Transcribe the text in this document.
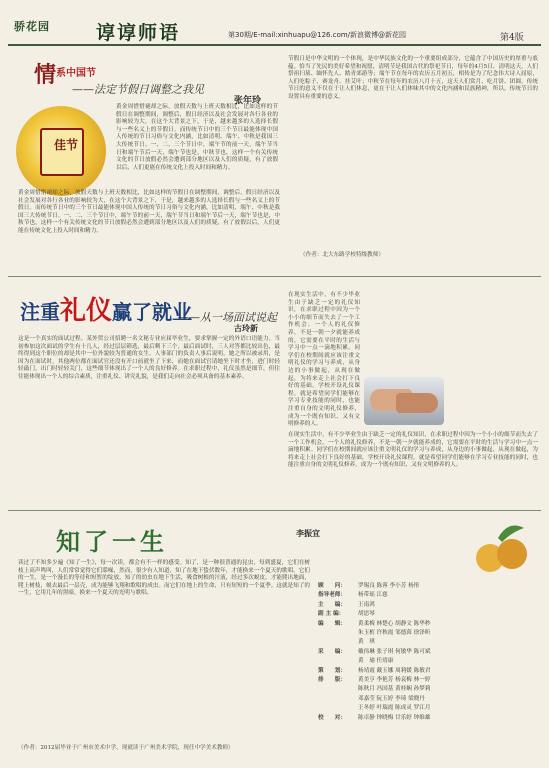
骄花园 谆谆师语	第30期/E-mail:xinhuapu@126.com/新浪微博@新花园	第4版
情 系中国节
——法定节假日调整之我见
张年玲
佳节
黄金周惜惜褪却之际，放假天数与上班天数相比，比如这样的节假日在调整期间，调整后，假日经济以及社会发展对各行各业的影响较为大，在这个大背景之下，于是，越来越多的人选择长假与一些名义上的节假日。而传统节日中的三个节日最能体现中国人传统的节日习俗与文化内涵，比如清明、端午、中秋是我国三大传统节日。一、二、三个节日中，端午节的前一天，端午节当日和端午节后一天，端午节也是，中秋节也，这样一个有关传统文化的节日放假必然会遭到部分地区以及人们的质疑，有了放假以后，人们更能在传统文化上投入时间和精力。
黄金周惜惜褪却之际，放假天数与上班天数相比，比如这样的节假日在调整期间，调整后，假日经济以及社会发展对各行各业的影响较为大，在这个大背景之下，于是，越来越多的人选择长假与一些名义上的节假日。而传统节日中的三个节日最能体现中国人传统的节日习俗与文化内涵，比如清明、端午、中秋是我国三大传统节日。一、二、三个节日中，端午节的前一天，端午节当日和端午节后一天，端午节也是，中秋节也，这样一个有关传统文化的节日放假必然会遭到部分地区以及人们的质疑，有了放假以后，人们更能在传统文化上投入时间和精力。
节假日是中华文明的一个体现，是中华民族文化的一个重要组成部分，它蕴含了中国历史的厚重与底蕴。恰当了先民的美好希望和祝愿，清明节是我国古代的祭祀节日，每年的4月5日，清明这天，人们祭祖扫墓、缅怀先人、踏青郊游等；端午节在每年的农历五月初五，相传是为了纪念伟大诗人屈原，人们吃粽子、赛龙舟、挂艾叶；中秋节在每年的农历八月十五，这天人们赏月、吃月饼、团圆。传统节日的意义不仅在于让人们休息，更在于让人们体味其中的文化内涵和民族精神，所以，传统节日的设置具有重要的意义。
（作者：北大东路学校特级教师）
注重礼仪赢了就业
——从一场面试说起
古玲新
这是一个真实的面试过程。某外贸公司招聘一名文秘专业应届毕业生，要求掌握一定的外语口语能力。当初参加这次面试的学生有十几人，经过层层筛选，最后剩下三个，最后面试时，三人对答都比较出色，最终得到这个职位的却是其中一位外貌较为普通的女生。人事部门的负责人事后说明，她之所以被录用，是因为在面试时，其他两位都在面试官还没有开口前就坐了下来，而她在面试官请她坐下时才坐，进门时轻轻敲门，出门时轻轻关门，这些细节体现出了一个人的良好修养。在求职过程中，礼仪虽然是细节，但往往能体现出一个人的综合素质，注重礼仪、讲究礼貌，是我们走向社会必须具备的基本素养。
在现实生活中，有不少毕业生由于缺乏一定的礼仪知识，在求职过程中因为一个小小的细节而失去了一个工作机会。一个人的礼仪修养，不是一朝一夕就能养成的，它需要在平时的生活与学习中一点一滴地积累。同学们在校期间就应该注重文明礼仪的学习与养成，从身边的小事做起，从现在做起，为将来走上社会打下良好的基础。学校开设礼仪课程，就是希望同学们能够在学习专业技能的同时，也能注重自身的文明礼仪修养，成为一个既有知识、又有文明修养的人。
在现实生活中，有不少毕业生由于缺乏一定的礼仪知识，在求职过程中因为一个小小的细节而失去了一个工作机会。一个人的礼仪修养，不是一朝一夕就能养成的，它需要在平时的生活与学习中一点一滴地积累。同学们在校期间就应该注重文明礼仪的学习与养成，从身边的小事做起，从现在做起，为将来走上社会打下良好的基础。学校开设礼仪课程，就是希望同学们能够在学习专业技能的同时，也能注重自身的文明礼仪修养，成为一个既有知识、又有文明修养的人。
知了一生	李振宜
读过了不知多少遍《知了一生》，每一次读，都会有不一样的感受。知了，是一种很普通的昆虫，每到盛夏，它们在树枝上高声鸣叫，人们常常觉得它们聒噪，然而，很少有人知道，知了在地下蛰伏数年，才能换来一个夏天的歌唱。它们的一生，是一个漫长的等待和短暂的绽放。知了的幼虫在地下生活，吸食树根的汁液，经过多次蜕皮，才能爬出地面，爬上树枝，蜕去最后一层壳，成为能够飞翔和歌唱的成虫。而它们在地上的生命，只有短短的一个夏季。这就是知了的一生，它用几年的黑暗，换来一个夏天的光明与歌唱。
（作者：2012届毕业于广州市美术中学，现就读于广州美术学院，现任中学美术教师）
顾　　问：	罗锡良 陈蓉 李小芳 杨彤
指导老师：	杨带瑶 江慈
主　　编：	王南鸿
副 主 编：	胡思琴
编　　辑：	黄柔梅 林楚心 胡静文 陈华秒
朱玉桁 许秋霞 邹德茵 徐泽昕
黄　琪
采　　编：	戴伟琳 张子琪 何敏华 陈可斌
黄　瑜 任靖康
策　　划：	杨靖霞 戴玉娜 周莉媛 陈敏君
排　　版：	黄美亨 李艳芳 杨哀梅 林一婷
陈秋月 冯国基 黄桂娴 孙梦莉
邓嘉莹 阮玉婷 李琦 梁晓丹
王冬婷 叶瑞霞 陈成灵 罗江月
校　　对：	陈卓静 钟晓梅 甘乐婷 钟维雄
